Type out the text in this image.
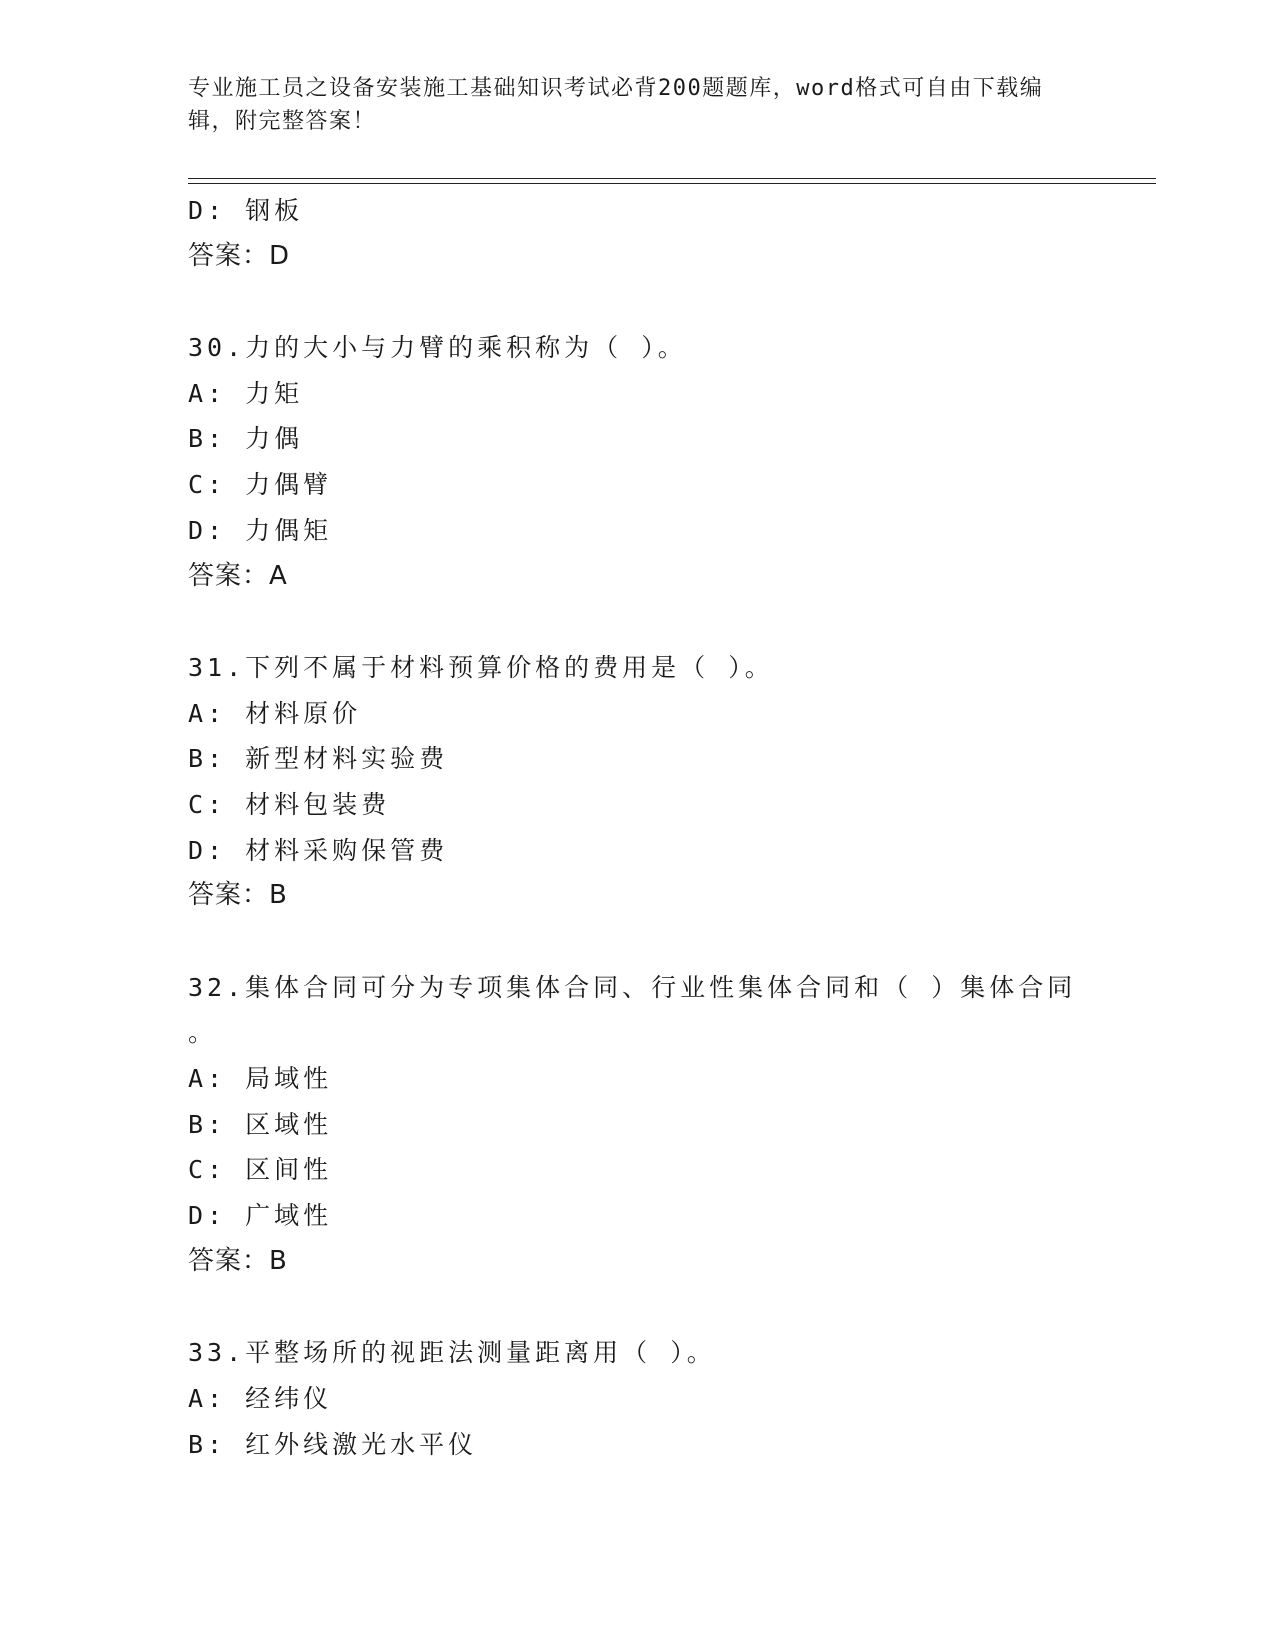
专业施工员之设备安装施工基础知识考试必背200题题库，word格式可自由下载编辑，附完整答案！
D: 钢板
答案：D
30.力的大小与力臂的乘积称为（ ）。
A: 力矩
B: 力偶
C: 力偶臂
D: 力偶矩
答案：A
31.下列不属于材料预算价格的费用是（ ）。
A: 材料原价
B: 新型材料实验费
C: 材料包装费
D: 材料采购保管费
答案：B
32.集体合同可分为专项集体合同、行业性集体合同和（ ）集体合同
。
A: 局域性
B: 区域性
C: 区间性
D: 广域性
答案：B
33.平整场所的视距法测量距离用（ ）。
A: 经纬仪
B: 红外线激光水平仪
